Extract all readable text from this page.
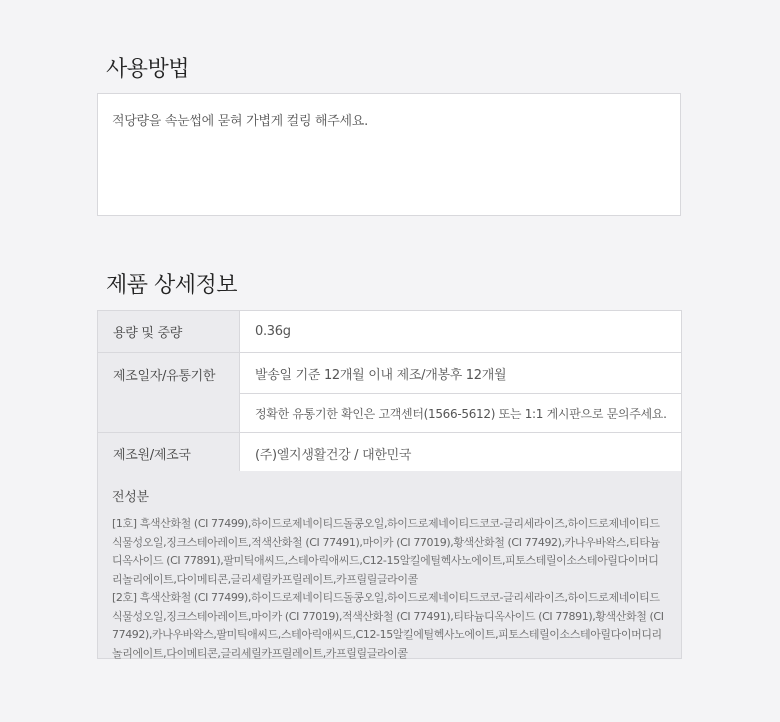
사용방법
적당량을 속눈썹에 묻혀 가볍게 컬링 해주세요.
제품 상세정보
용량 및 중량	0.36g
제조일자/유통기한	발송일 기준 12개월 이내 제조/개봉후 12개월
정확한 유통기한 확인은 고객센터(1566-5612) 또는 1:1 게시판으로 문의주세요.
제조원/제조국	(주)엘지생활건강 / 대한민국
전성분

[1호] 흑색산화철 (CI 77499),하이드로제네이티드돌콩오일,하이드로제네이티드코코-글리세라이즈,하이드로제네이티드식물성오일,징크스테아레이트,적색산화철 (CI 77491),마이카 (CI 77019),황색산화철 (CI 77492),카나우바왁스,티타늄디옥사이드 (CI 77891),팔미틱애씨드,스테아릭애씨드,C12-15알킬에틸헥사노에이트,피토스테릴이소스테아릴다이머디리놀리에이트,다이메티콘,글리세릴카프릴레이트,카프릴릴글라이콜

[2호] 흑색산화철 (CI 77499),하이드로제네이티드돌콩오일,하이드로제네이티드코코-글리세라이즈,하이드로제네이티드식물성오일,징크스테아레이트,마이카 (CI 77019),적색산화철 (CI 77491),티타늄디옥사이드 (CI 77891),황색산화철 (CI 77492),카나우바왁스,팔미틱애씨드,스테아릭애씨드,C12-15알킬에틸헥사노에이트,피토스테릴이소스테아릴다이머디리놀리에이트,다이메티콘,글리세릴카프릴레이트,카프릴릴글라이콜
